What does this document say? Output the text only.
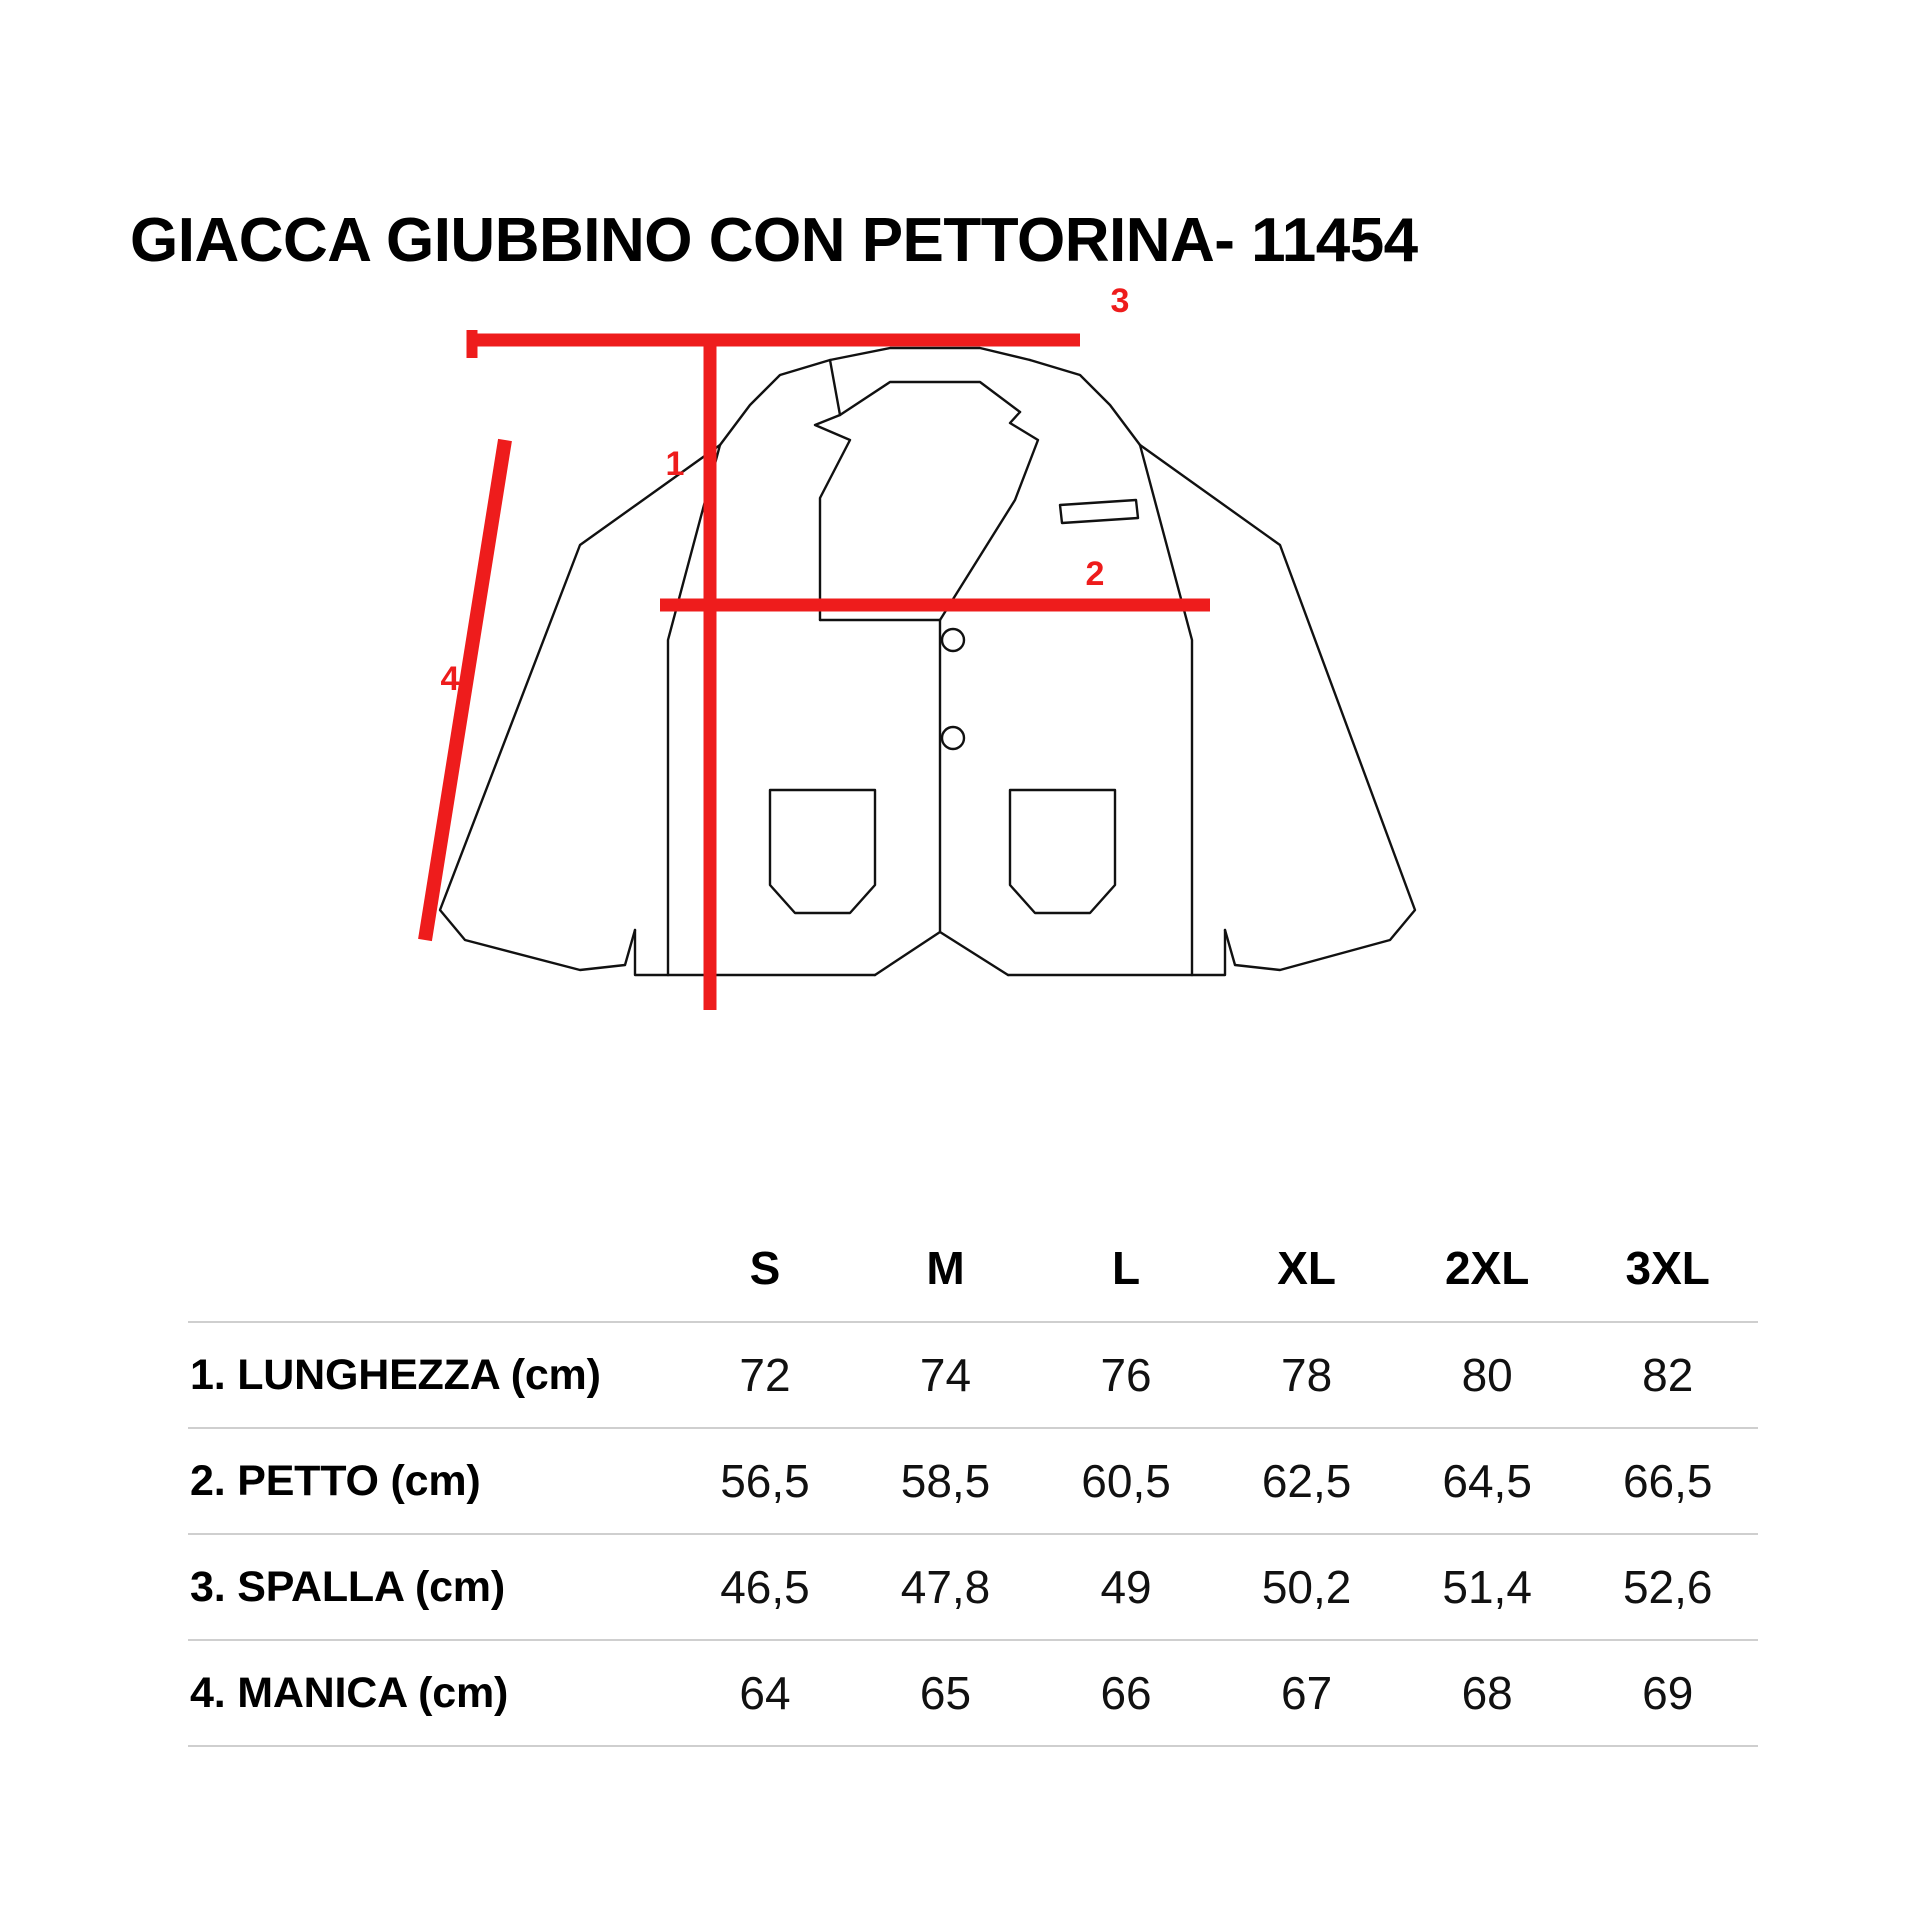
GIACCA GIUBBINO CON PETTORINA- 11454
3
1
2
4
	S	M	L	XL	2XL	3XL
1. LUNGHEZZA (cm)	72	74	76	78	80	82
2. PETTO (cm)	56,5	58,5	60,5	62,5	64,5	66,5
3. SPALLA (cm)	46,5	47,8	49	50,2	51,4	52,6
4. MANICA (cm)	64	65	66	67	68	69
